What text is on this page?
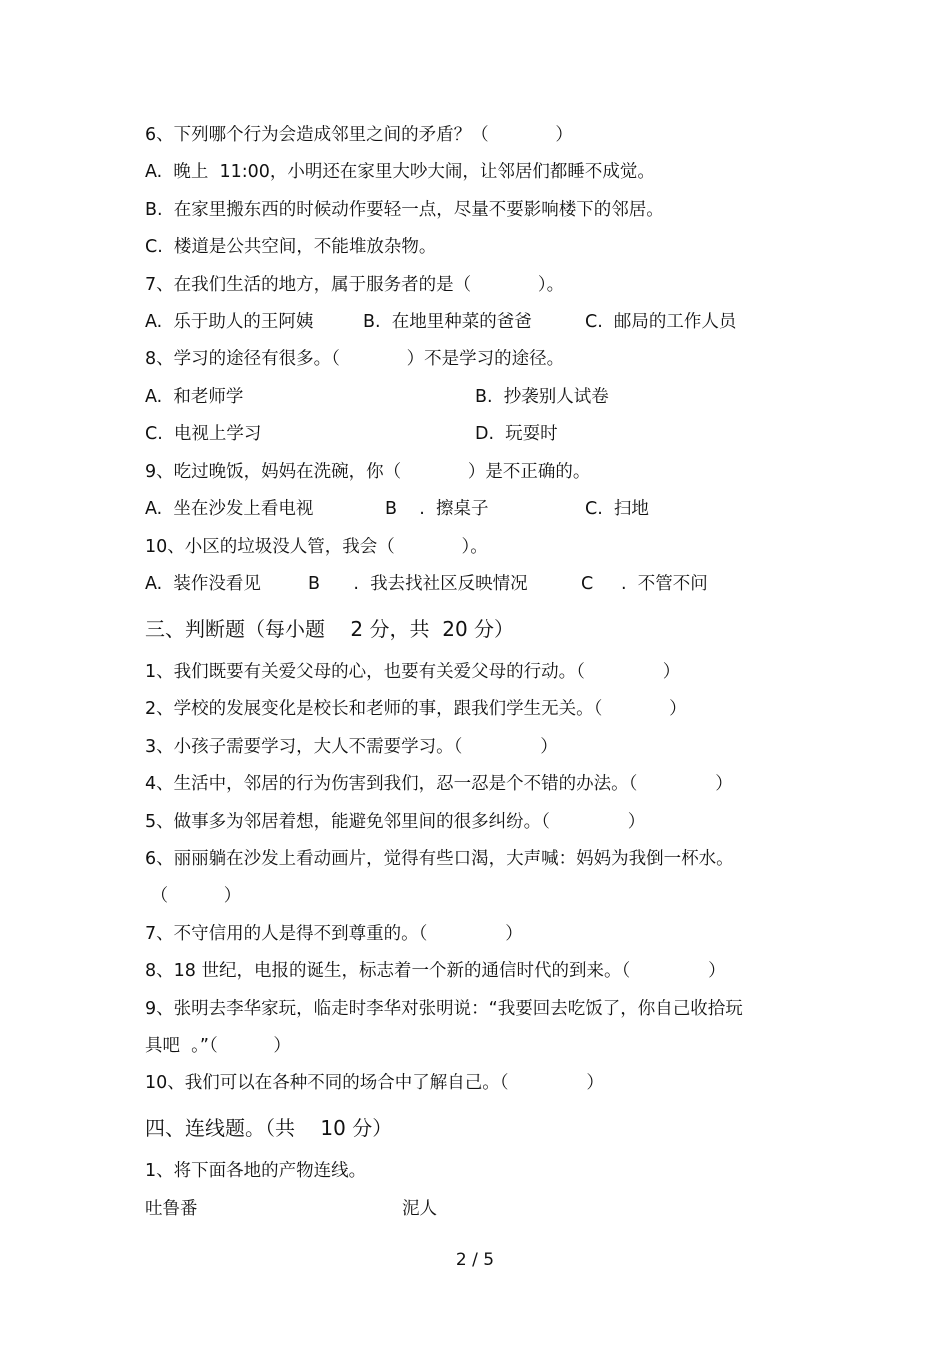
6、下列哪个行为会造成邻里之间的矛盾？（            ）
A.  晚上  11:00，小明还在家里大吵大闹，让邻居们都睡不成觉。
B.  在家里搬东西的时候动作要轻一点，尽量不要影响楼下的邻居。
C.  楼道是公共空间，不能堆放杂物。
7、在我们生活的地方，属于服务者的是（            ）。

A.  乐于助人的王阿姨

	B.  在地里种菜的爸爸

	C.  邮局的工作人员

8、学习的途径有很多。（            ）不是学习的途径。

A.  和老师学

	B.  抄袭别人试卷

C.  电视上学习

	D.  玩耍时

9、吃过晚饭，妈妈在洗碗，你（            ）是不正确的。

A.  坐在沙发上看电视

	B    .  擦桌子

	C.  扫地

10、小区的垃圾没人管，我会（            ）。

A.  装作没看见

	B      .  我去找社区反映情况

	C     .  不管不问

三、判断题（每小题    2 分，共  20 分）
1、我们既要有关爱父母的心，也要有关爱父母的行动。（              ）
2、学校的发展变化是校长和老师的事，跟我们学生无关。（            ）
3、小孩子需要学习，大人不需要学习。（              ）
4、生活中，邻居的行为伤害到我们，忍一忍是个不错的办法。（              ）
5、做事多为邻居着想，能避免邻里间的很多纠纷。（              ）
6、丽丽躺在沙发上看动画片，觉得有些口渴，大声喊：妈妈为我倒一杯水。
（          ）
7、不守信用的人是得不到尊重的。（              ）
8、18 世纪，电报的诞生，标志着一个新的通信时代的到来。（              ）
9、张明去李华家玩，临走时李华对张明说：“我要回去吃饭了，你自己收拾玩
具吧  。”（          ）
10、我们可以在各种不同的场合中了解自己。（              ）
四、连线题。（共    10 分）
1、将下面各地的产物连线。

吐鲁番

	泥人

2 / 5
